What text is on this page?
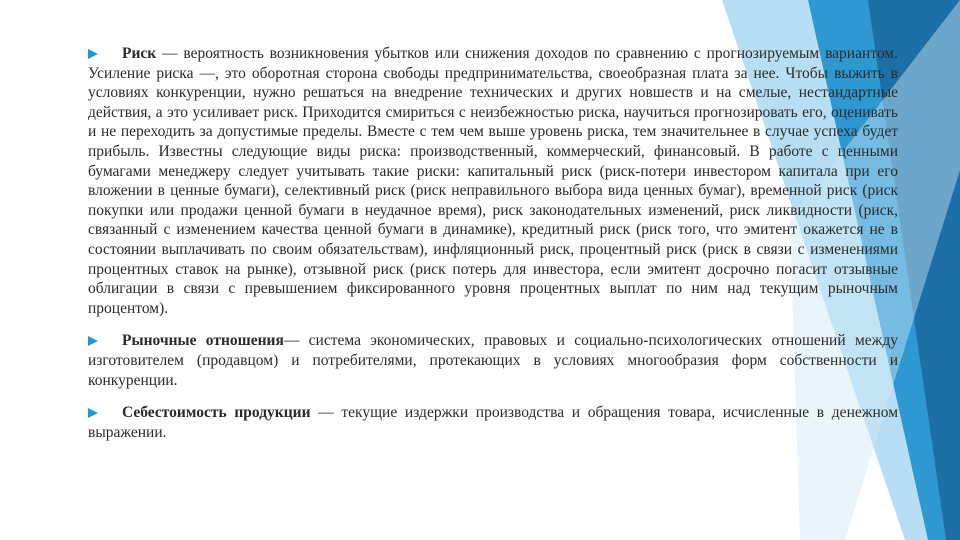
Риск — вероятность возникновения убытков или снижения доходов по сравнению с прогнозируемым вариантом. Усиление риска —, это оборотная сторона свободы предпринимательства, своеобразная плата за нее. Чтобы выжить в условиях конкуренции, нужно решаться на внедрение технических и других новшеств и на смелые, нестандартные действия, а это усиливает риск. Приходится смириться с неизбежностью риска, научиться прогнозировать его, оценивать и не переходить за допустимые пределы. Вместе с тем чем выше уровень риска, тем значительнее в случае успеха будет прибыль. Известны следующие виды риска: производственный, коммерческий, финансовый. В работе с ценными бумагами менеджеру следует учитывать такие риски: капитальный риск (риск-потери инвестором капитала при его вложении в ценные бумаги), селективный риск (риск неправильного выбора вида ценных бумаг), временной риск (риск покупки или продажи ценной бумаги в неудачное время), риск законодательных изменений, риск ликвидности (риск, связанный с изменением качества ценной бумаги в динамике), кредитный риск (риск того, что эмитент окажется не в состоянии выплачивать по своим обязательствам), инфляционный риск, процентный риск (риск в связи с изменениями процентных ставок на рынке), отзывной риск (риск потерь для инвестора, если эмитент досрочно погасит отзывные облигации в связи с превышением фиксированного уровня процентных выплат по ним над текущим рыночным процентом).

Рыночные отношения— система экономических, правовых и социально-психологических отношений между изготовителем (продавцом) и потребителями, протекающих в условиях многообразия форм собственности и конкуренции.

Себестоимость продукции — текущие издержки производства и обращения товара, исчисленные в денежном выражении.
